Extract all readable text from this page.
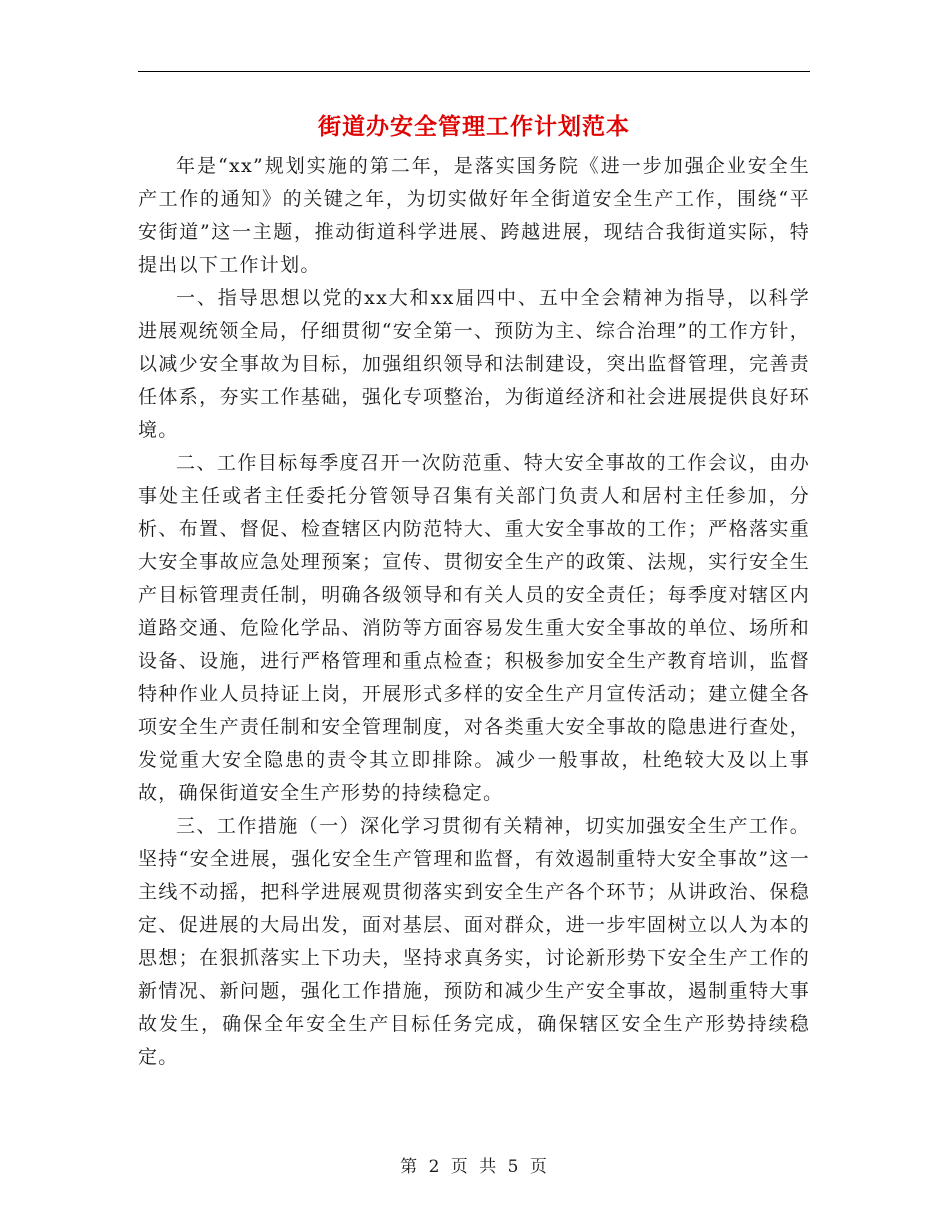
街道办安全管理工作计划范本

年是“xx”规划实施的第二年，是落实国务院《进一步加强企业安全生产工作的通知》的关键之年，为切实做好年全街道安全生产工作，围绕“平安街道”这一主题，推动街道科学进展、跨越进展，现结合我街道实际，特提出以下工作计划。

一、指导思想以党的xx大和xx届四中、五中全会精神为指导，以科学进展观统领全局，仔细贯彻“安全第一、预防为主、综合治理”的工作方针，以减少安全事故为目标，加强组织领导和法制建设，突出监督管理，完善责任体系，夯实工作基础，强化专项整治，为街道经济和社会进展提供良好环境。

二、工作目标每季度召开一次防范重、特大安全事故的工作会议，由办事处主任或者主任委托分管领导召集有关部门负责人和居村主任参加，分析、布置、督促、检查辖区内防范特大、重大安全事故的工作；严格落实重大安全事故应急处理预案；宣传、贯彻安全生产的政策、法规，实行安全生产目标管理责任制，明确各级领导和有关人员的安全责任；每季度对辖区内道路交通、危险化学品、消防等方面容易发生重大安全事故的单位、场所和设备、设施，进行严格管理和重点检查；积极参加安全生产教育培训，监督特种作业人员持证上岗，开展形式多样的安全生产月宣传活动；建立健全各项安全生产责任制和安全管理制度，对各类重大安全事故的隐患进行查处，发觉重大安全隐患的责令其立即排除。减少一般事故，杜绝较大及以上事故，确保街道安全生产形势的持续稳定。

三、工作措施（一）深化学习贯彻有关精神，切实加强安全生产工作。坚持“安全进展，强化安全生产管理和监督，有效遏制重特大安全事故”这一主线不动摇，把科学进展观贯彻落实到安全生产各个环节；从讲政治、保稳定、促进展的大局出发，面对基层、面对群众，进一步牢固树立以人为本的思想；在狠抓落实上下功夫，坚持求真务实，讨论新形势下安全生产工作的新情况、新问题，强化工作措施，预防和减少生产安全事故，遏制重特大事故发生，确保全年安全生产目标任务完成，确保辖区安全生产形势持续稳定。

第 2 页 共 5 页
